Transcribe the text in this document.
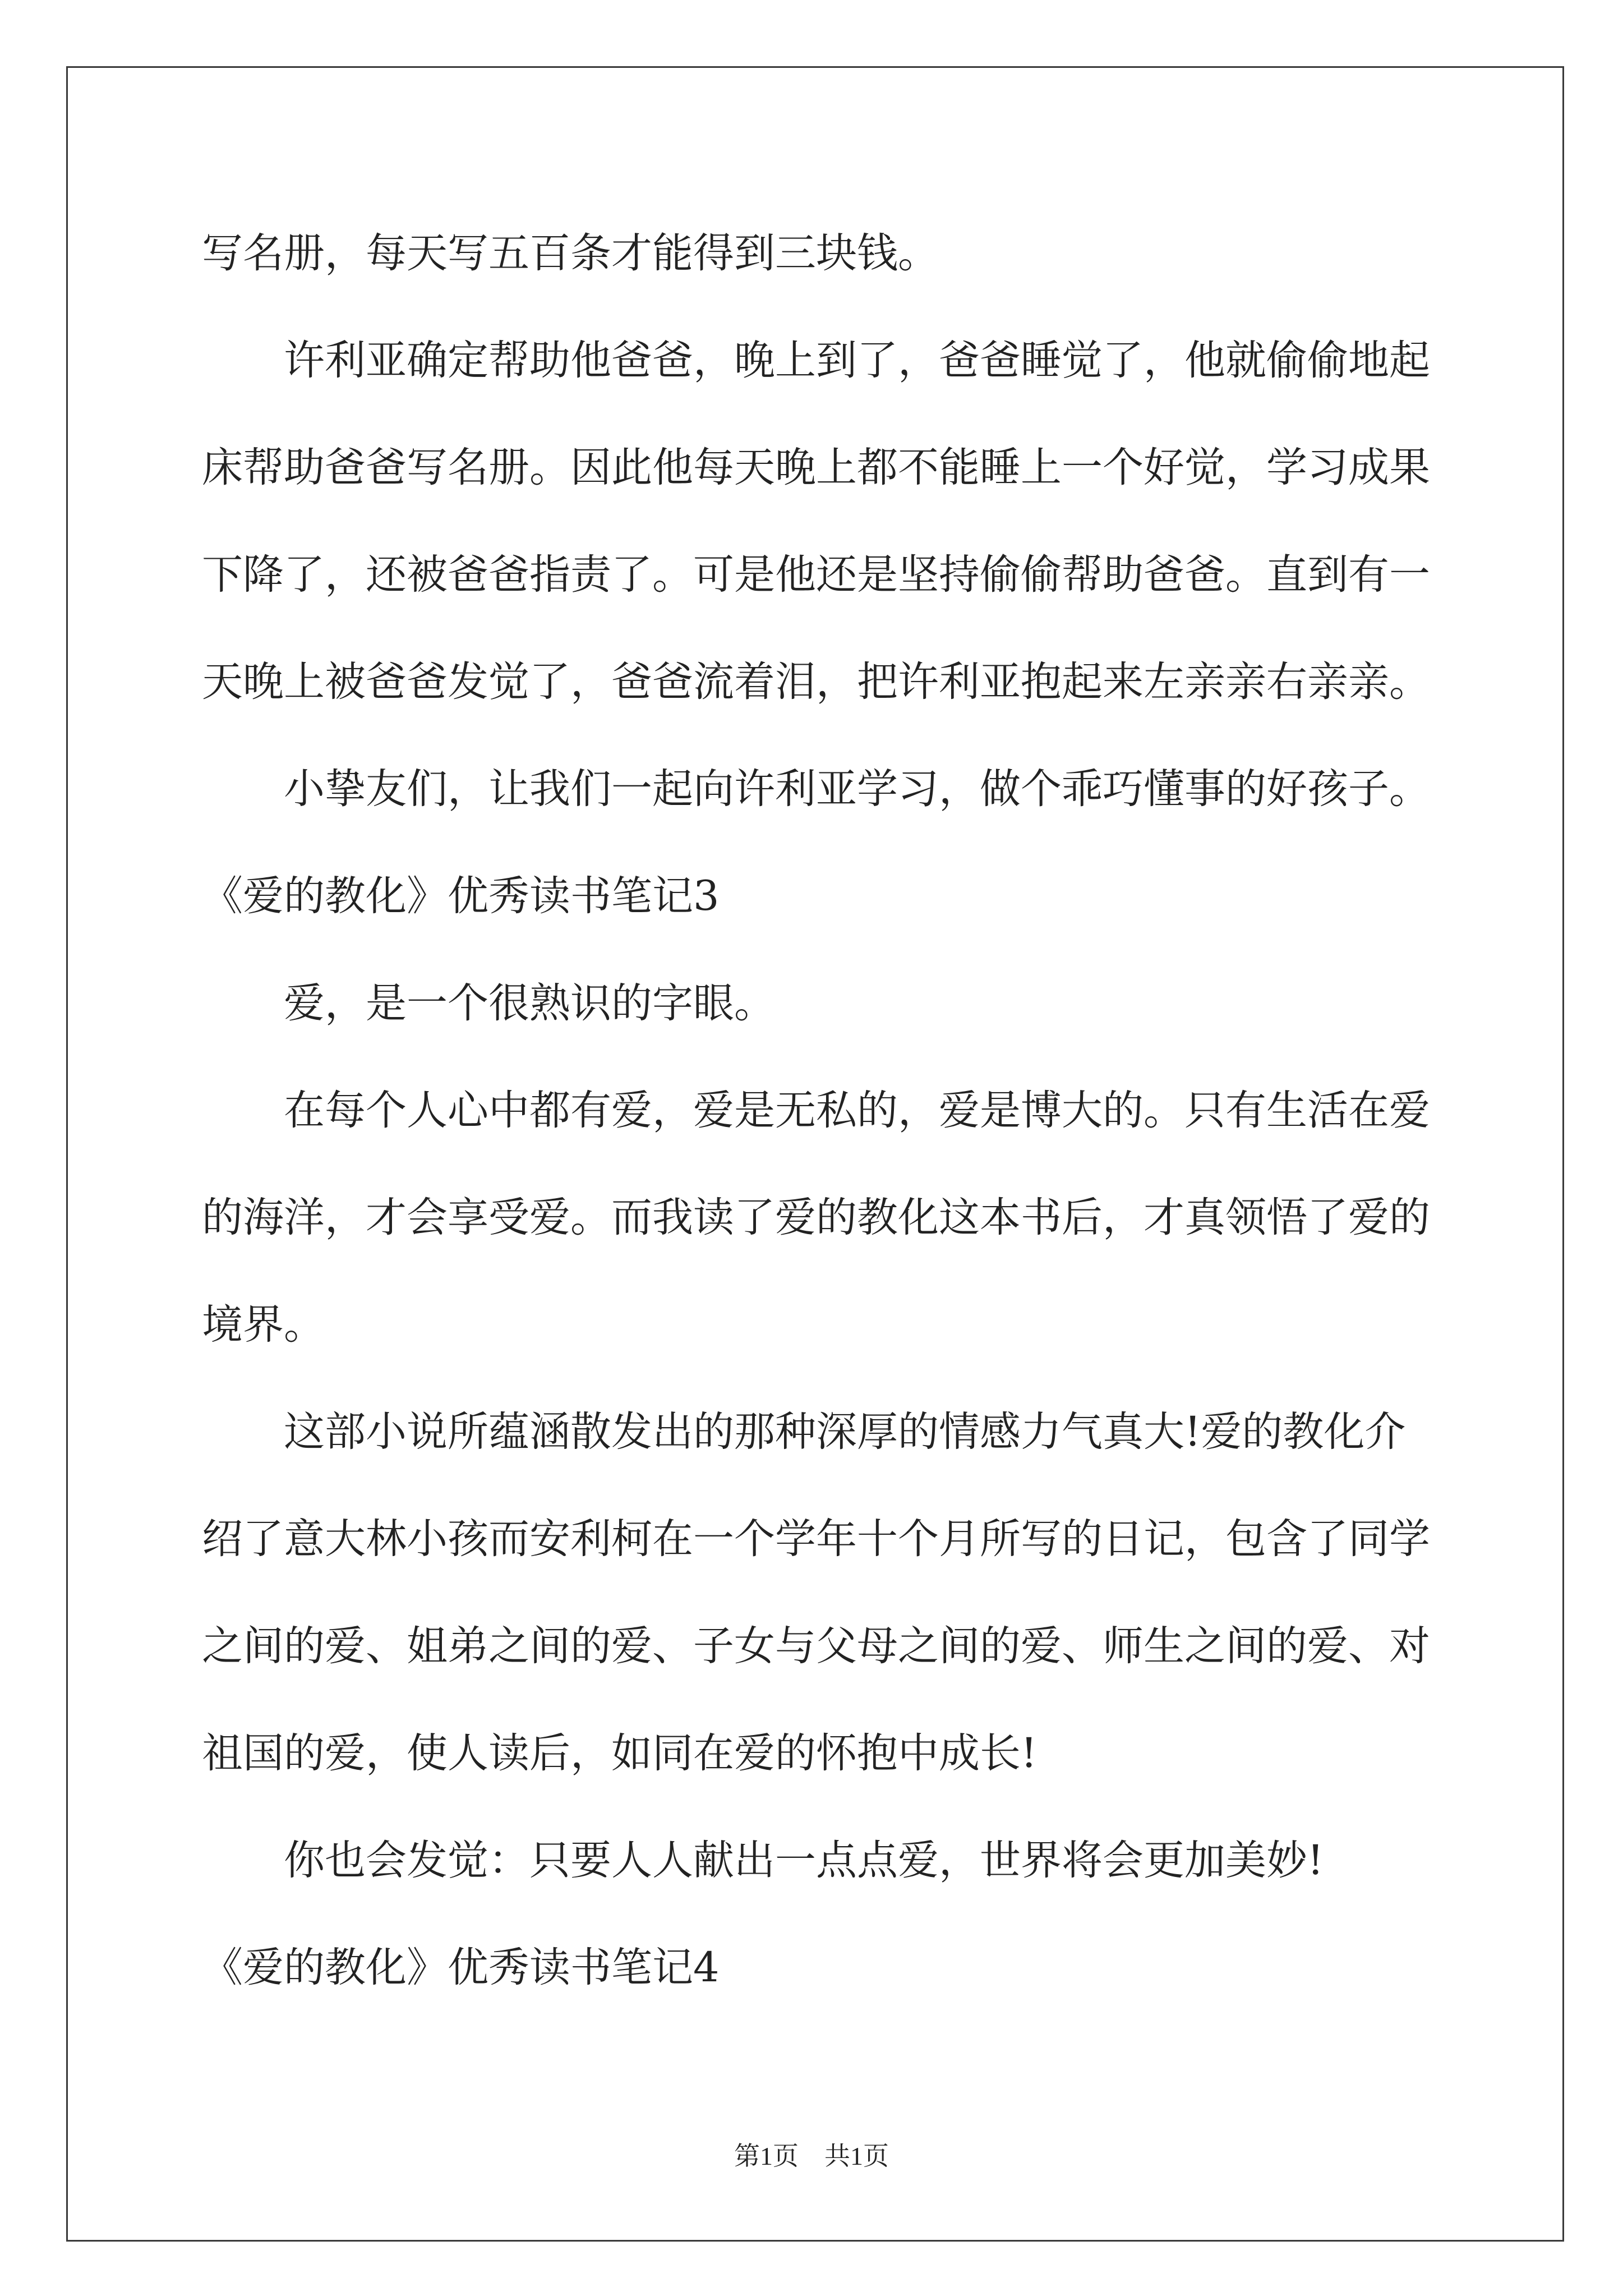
写名册，每天写五百条才能得到三块钱。
许利亚确定帮助他爸爸，晚上到了，爸爸睡觉了，他就偷偷地起
床帮助爸爸写名册。因此他每天晚上都不能睡上一个好觉，学习成果
下降了，还被爸爸指责了。可是他还是坚持偷偷帮助爸爸。直到有一
天晚上被爸爸发觉了，爸爸流着泪，把许利亚抱起来左亲亲右亲亲。
小挚友们，让我们一起向许利亚学习，做个乖巧懂事的好孩子。
《爱的教化》优秀读书笔记3
爱，是一个很熟识的字眼。
在每个人心中都有爱，爱是无私的，爱是博大的。只有生活在爱
的海洋，才会享受爱。而我读了爱的教化这本书后，才真领悟了爱的
境界。
这部小说所蕴涵散发出的那种深厚的情感力气真大!爱的教化介
绍了意大林小孩而安利柯在一个学年十个月所写的日记，包含了同学
之间的爱、姐弟之间的爱、子女与父母之间的爱、师生之间的爱、对
祖国的爱，使人读后，如同在爱的怀抱中成长!
你也会发觉：只要人人献出一点点爱，世界将会更加美妙!
《爱的教化》优秀读书笔记4
第1页 共1页
